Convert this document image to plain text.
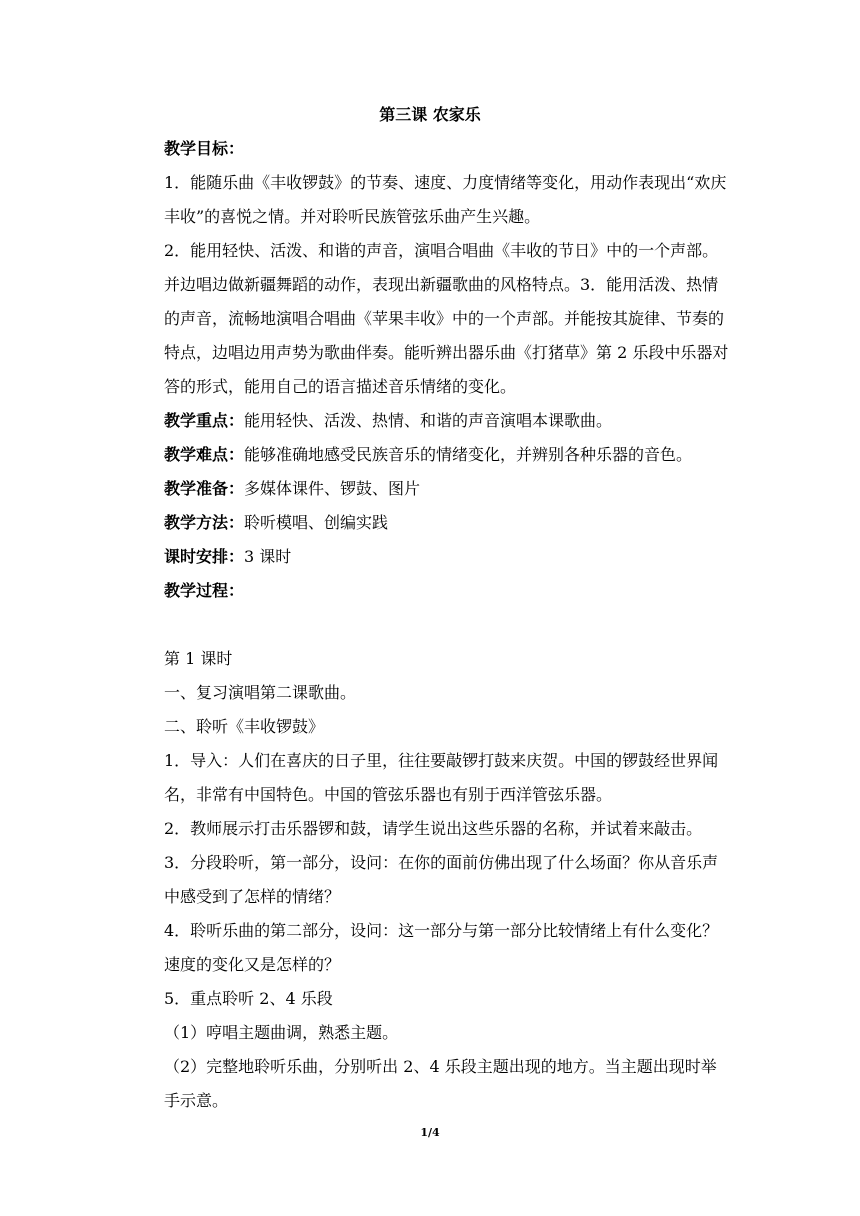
第三课 农家乐

教学目标：

1．能随乐曲《丰收锣鼓》的节奏、速度、力度情绪等变化，用动作表现出“欢庆丰收”的喜悦之情。并对聆听民族管弦乐曲产生兴趣。

2．能用轻快、活泼、和谐的声音，演唱合唱曲《丰收的节日》中的一个声部。并边唱边做新疆舞蹈的动作，表现出新疆歌曲的风格特点。3．能用活泼、热情的声音，流畅地演唱合唱曲《苹果丰收》中的一个声部。并能按其旋律、节奏的特点，边唱边用声势为歌曲伴奏。能听辨出器乐曲《打猪草》第 2 乐段中乐器对答的形式，能用自己的语言描述音乐情绪的变化。

教学重点：能用轻快、活泼、热情、和谐的声音演唱本课歌曲。

教学难点：能够准确地感受民族音乐的情绪变化，并辨别各种乐器的音色。

教学准备：多媒体课件、锣鼓、图片

教学方法：聆听模唱、创编实践

课时安排：3 课时

教学过程：

第 1 课时

一、复习演唱第二课歌曲。

二、聆听《丰收锣鼓》

1．导入：人们在喜庆的日子里，往往要敲锣打鼓来庆贺。中国的锣鼓经世界闻名，非常有中国特色。中国的管弦乐器也有别于西洋管弦乐器。

2．教师展示打击乐器锣和鼓，请学生说出这些乐器的名称，并试着来敲击。

3．分段聆听，第一部分，设问：在你的面前仿佛出现了什么场面？你从音乐声中感受到了怎样的情绪？

4．聆听乐曲的第二部分，设问：这一部分与第一部分比较情绪上有什么变化？速度的变化又是怎样的？

5．重点聆听 2、4 乐段

（1）哼唱主题曲调，熟悉主题。

（2）完整地聆听乐曲，分别听出 2、4 乐段主题出现的地方。当主题出现时举手示意。

1/4
